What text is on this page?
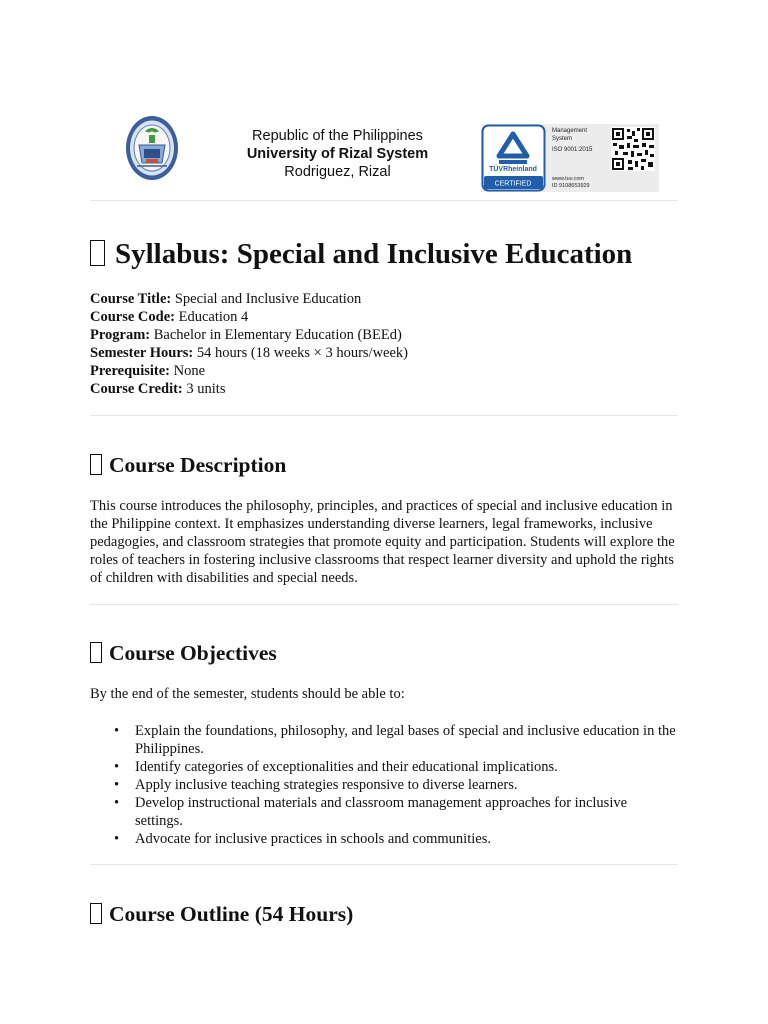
Republic of the Philippines
University of Rizal System
Rodriguez, Rizal	TÜVRheinland
CERTIFIED
Management
System
ISO 9001:2015
www.tuv.com
ID 9108653929
Syllabus: Special and Inclusive Education
Course Title: Special and Inclusive Education
Course Code: Education 4
Program: Bachelor in Elementary Education (BEEd)
Semester Hours: 54 hours (18 weeks × 3 hours/week)
Prerequisite: None
Course Credit: 3 units
Course Description

This course introduces the philosophy, principles, and practices of special and inclusive education in the Philippine context. It emphasizes understanding diverse learners, legal frameworks, inclusive pedagogies, and classroom strategies that promote equity and participation. Students will explore the roles of teachers in fostering inclusive classrooms that respect learner diversity and uphold the rights of children with disabilities and special needs.

Course Objectives

By the end of the semester, students should be able to:

• Explain the foundations, philosophy, and legal bases of special and inclusive education in the Philippines.
• Identify categories of exceptionalities and their educational implications.
• Apply inclusive teaching strategies responsive to diverse learners.
• Develop instructional materials and classroom management approaches for inclusive settings.
• Advocate for inclusive practices in schools and communities.
Course Outline (54 Hours)
